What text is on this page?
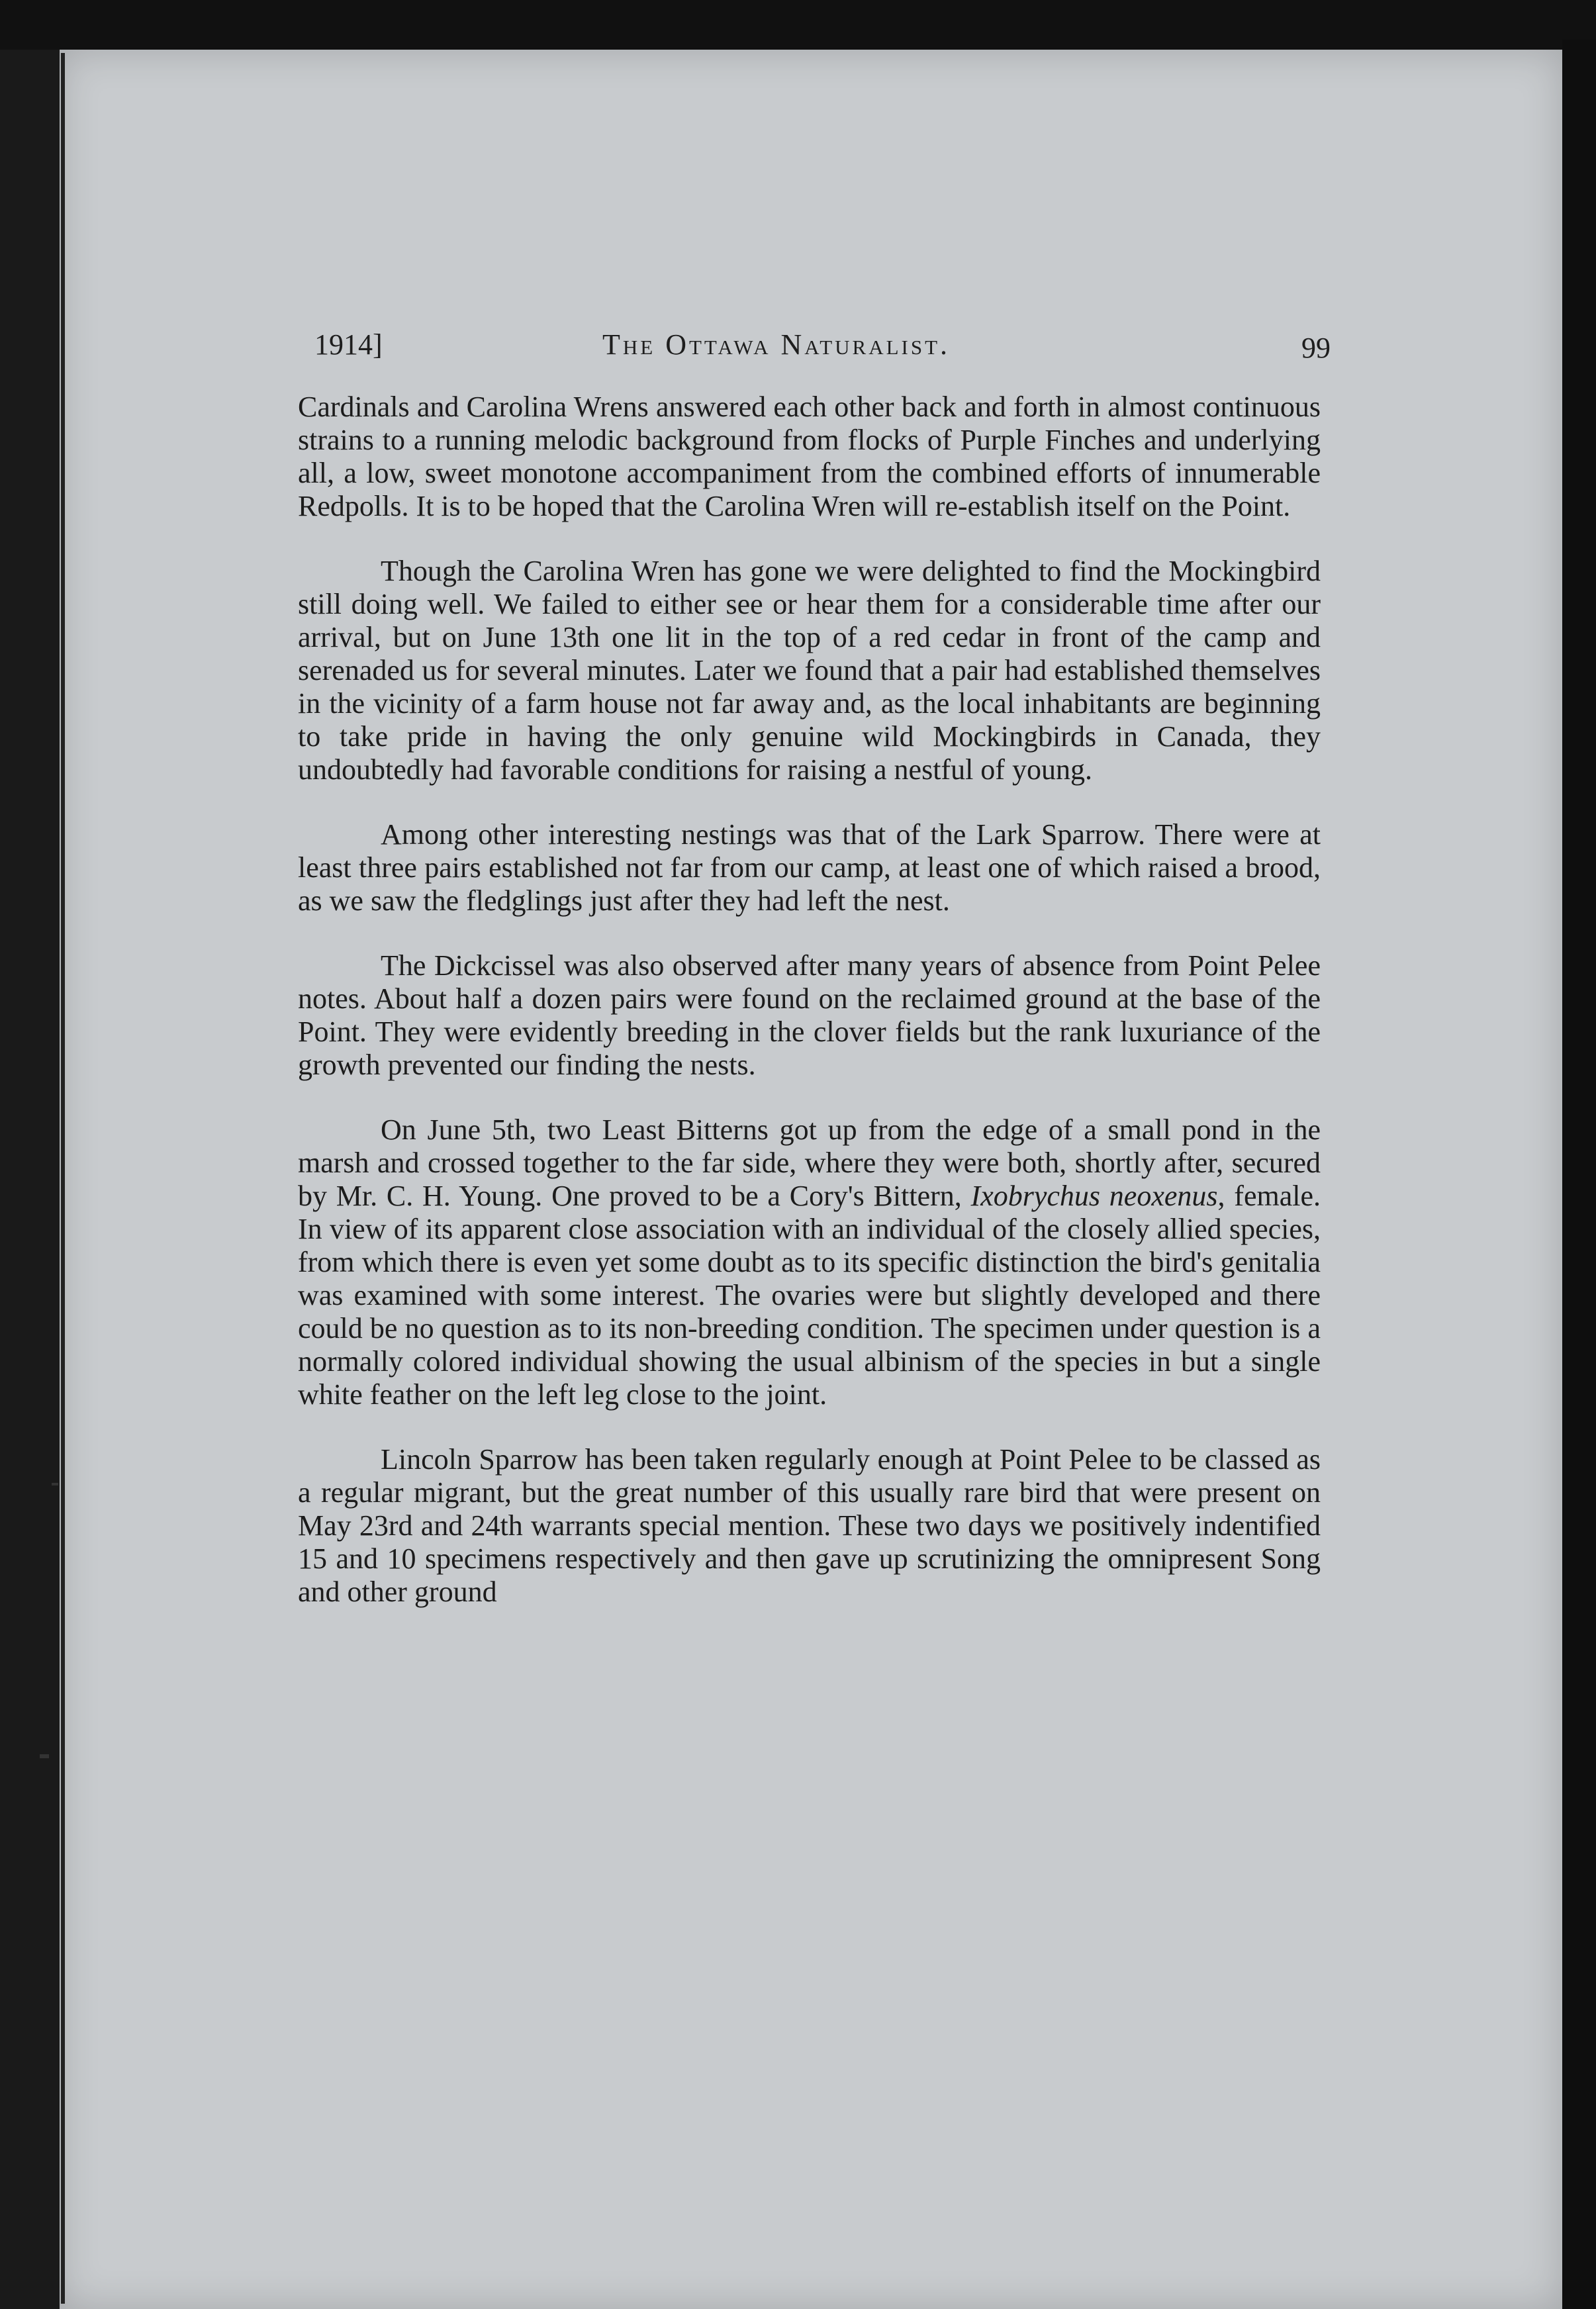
1914]	The Ottawa Naturalist.	99

Cardinals and Carolina Wrens answered each other back and forth in almost continuous strains to a running melodic background from flocks of Purple Finches and underlying all, a low, sweet monotone accompaniment from the combined efforts of innumerable Redpolls. It is to be hoped that the Carolina Wren will re-establish itself on the Point.

Though the Carolina Wren has gone we were delighted to find the Mockingbird still doing well. We failed to either see or hear them for a considerable time after our arrival, but on June 13th one lit in the top of a red cedar in front of the camp and serenaded us for several minutes. Later we found that a pair had established themselves in the vicinity of a farm house not far away and, as the local inhabitants are beginning to take pride in having the only genuine wild Mockingbirds in Canada, they undoubtedly had favorable conditions for raising a nestful of young.

Among other interesting nestings was that of the Lark Sparrow. There were at least three pairs established not far from our camp, at least one of which raised a brood, as we saw the fledglings just after they had left the nest.

The Dickcissel was also observed after many years of absence from Point Pelee notes. About half a dozen pairs were found on the reclaimed ground at the base of the Point. They were evidently breeding in the clover fields but the rank luxuriance of the growth prevented our finding the nests.

On June 5th, two Least Bitterns got up from the edge of a small pond in the marsh and crossed together to the far side, where they were both, shortly after, secured by Mr. C. H. Young. One proved to be a Cory's Bittern, Ixobrychus neoxenus, female. In view of its apparent close association with an individual of the closely allied species, from which there is even yet some doubt as to its specific distinction the bird's genitalia was examined with some interest. The ovaries were but slightly developed and there could be no question as to its non-breeding condition. The specimen under question is a normally colored individual showing the usual albinism of the species in but a single white feather on the left leg close to the joint.

Lincoln Sparrow has been taken regularly enough at Point Pelee to be classed as a regular migrant, but the great number of this usually rare bird that were present on May 23rd and 24th warrants special mention. These two days we positively indentified 15 and 10 specimens respectively and then gave up scrutinizing the omnipresent Song and other ground
